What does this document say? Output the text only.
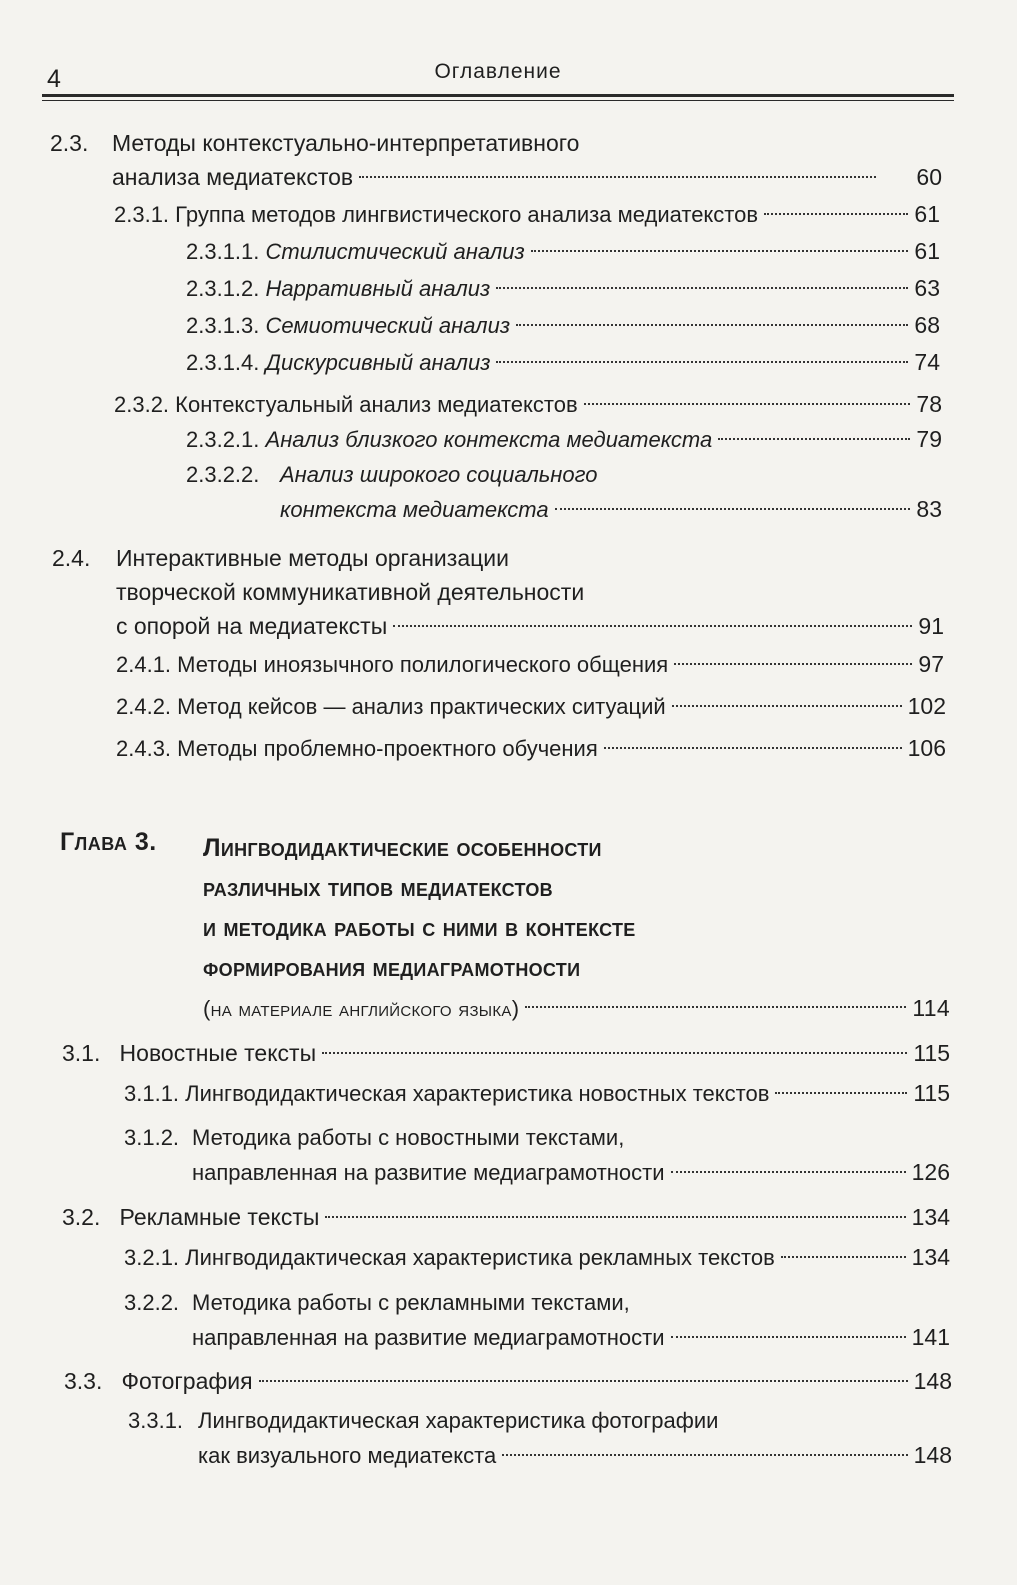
4	Оглавление
2.3. Методы контекстуально-интерпретативного
анализа медиатекстов	60
2.3.1. Группа методов лингвистического анализа медиатекстов	61
2.3.1.1. Стилистический анализ	61
2.3.1.2. Нарративный анализ	63
2.3.1.3. Семиотический анализ	68
2.3.1.4. Дискурсивный анализ	74
2.3.2. Контекстуальный анализ медиатекстов	78
2.3.2.1. Анализ близкого контекста медиатекста	79
2.3.2.2. Анализ широкого социального
контекста медиатекста	83
2.4. Интерактивные методы организации
творческой коммуникативной деятельности
с опорой на медиатексты	91
2.4.1. Методы иноязычного полилогического общения	97
2.4.2. Метод кейсов — анализ практических ситуаций	102
2.4.3. Методы проблемно-проектного обучения	106
Глава 3. Лингводидактические особенности
различных типов медиатекстов
и методика работы с ними в контексте
формирования медиаграмотности
(на материале английского языка)	114
3.1. Новостные тексты	115
3.1.1. Лингводидактическая характеристика новостных текстов	115
3.1.2. Методика работы с новостными текстами,
направленная на развитие медиаграмотности	126
3.2. Рекламные тексты	134
3.2.1. Лингводидактическая характеристика рекламных текстов	134
3.2.2. Методика работы с рекламными текстами,
направленная на развитие медиаграмотности	141
3.3. Фотография	148
3.3.1. Лингводидактическая характеристика фотографии
как визуального медиатекста	148
